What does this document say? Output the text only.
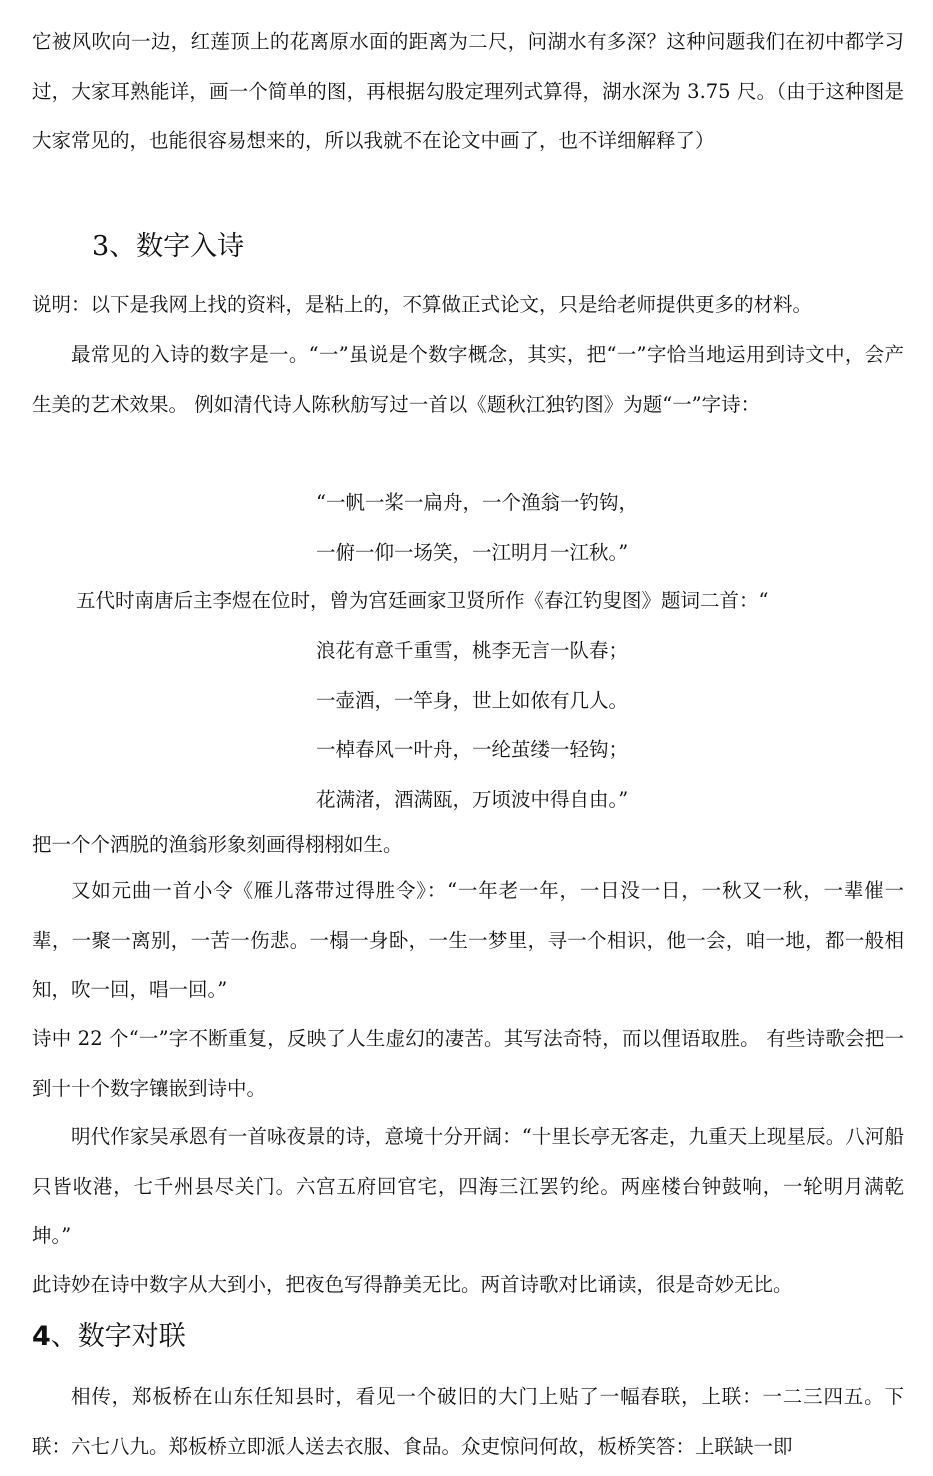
它被风吹向一边，红莲顶上的花离原水面的距离为二尺，问湖水有多深？这种问题我们在初中都学习过，大家耳熟能详，画一个简单的图，再根据勾股定理列式算得，湖水深为 3.75 尺。（由于这种图是大家常见的，也能很容易想来的，所以我就不在论文中画了，也不详细解释了）

3、数字入诗

说明：以下是我网上找的资料，是粘上的，不算做正式论文，只是给老师提供更多的材料。

最常见的入诗的数字是一。“一”虽说是个数字概念，其实，把“一”字恰当地运用到诗文中，会产生美的艺术效果。 例如清代诗人陈秋舫写过一首以《题秋江独钓图》为题“一”字诗：

“一帆一桨一扁舟，一个渔翁一钓钩，
一俯一仰一场笑，一江明月一江秋。”

五代时南唐后主李煜在位时，曾为宫廷画家卫贤所作《春江钓叟图》题词二首：“

浪花有意千重雪，桃李无言一队春；
一壶酒，一竿身，世上如侬有几人。
一棹春风一叶舟，一纶茧缕一轻钩；
花满渚，酒满瓯，万顷波中得自由。”

把一个个洒脱的渔翁形象刻画得栩栩如生。

又如元曲一首小令《雁儿落带过得胜令》：“一年老一年，一日没一日，一秋又一秋，一辈催一辈，一聚一离别，一苦一伤悲。一榻一身卧，一生一梦里，寻一个相识，他一会，咱一地，都一般相知，吹一回，唱一回。”

诗中 22 个“一”字不断重复，反映了人生虚幻的凄苦。其写法奇特，而以俚语取胜。 有些诗歌会把一到十十个数字镶嵌到诗中。

明代作家吴承恩有一首咏夜景的诗，意境十分开阔：“十里长亭无客走，九重天上现星辰。八河船只皆收港，七千州县尽关门。六宫五府回官宅，四海三江罢钓纶。两座楼台钟鼓响，一轮明月满乾坤。”

此诗妙在诗中数字从大到小，把夜色写得静美无比。两首诗歌对比诵读，很是奇妙无比。

4、数字对联

相传，郑板桥在山东任知县时，看见一个破旧的大门上贴了一幅春联，上联：一二三四五。下联：六七八九。郑板桥立即派人送去衣服、食品。众吏惊问何故，板桥笑答：上联缺一即
